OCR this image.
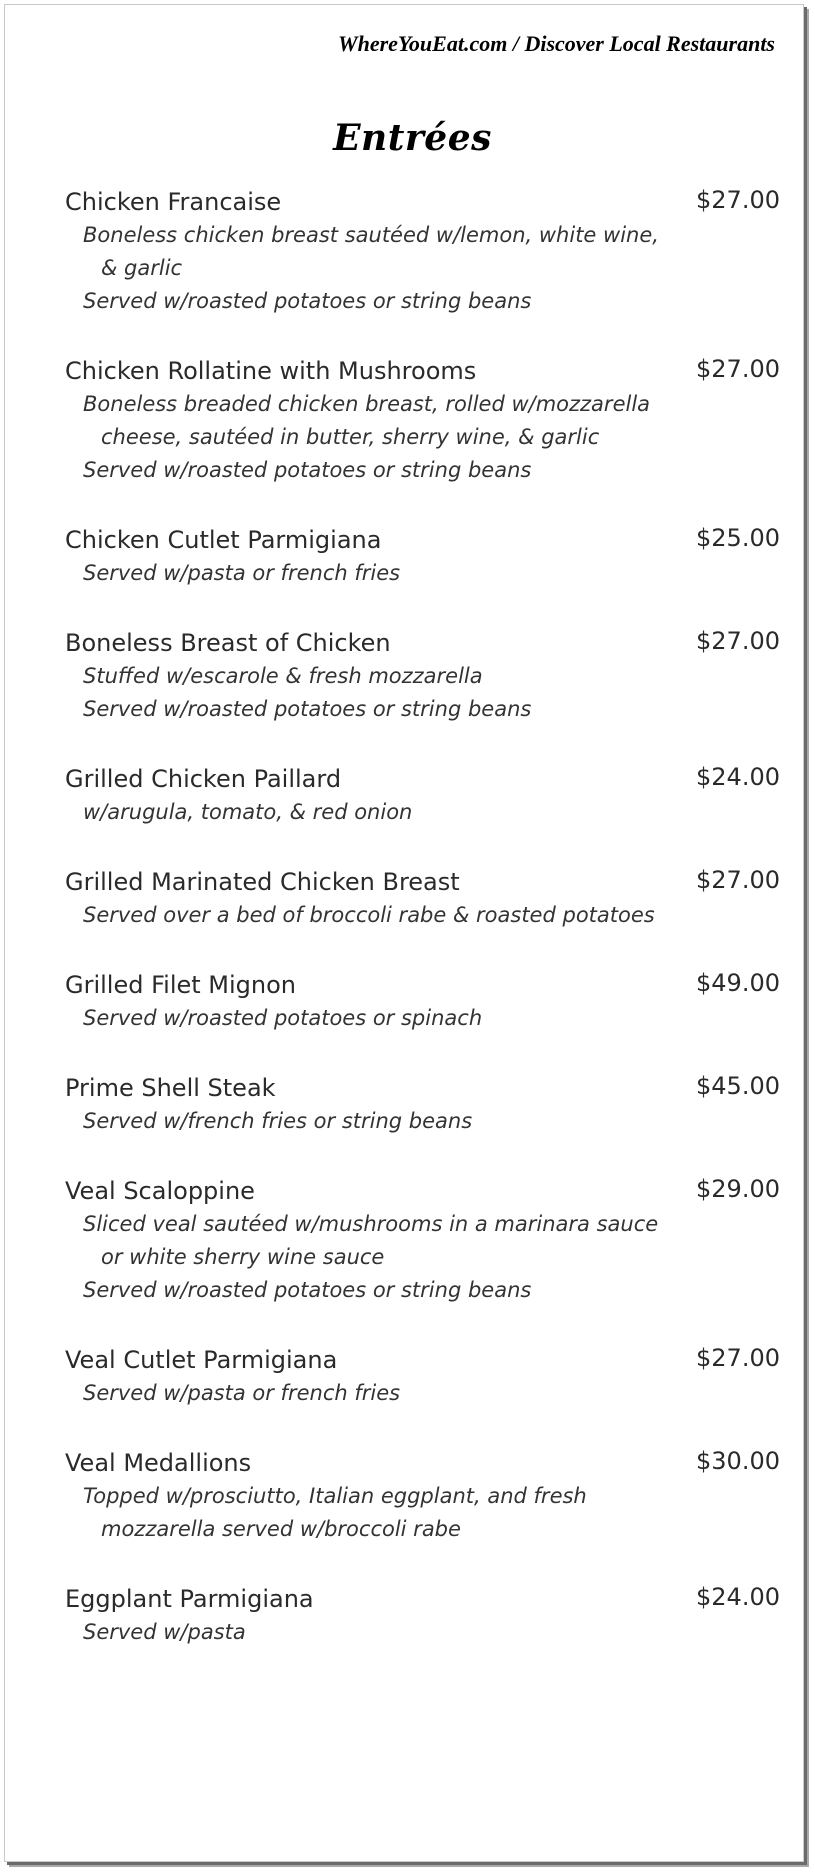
WhereYouEat.com / Discover Local Restaurants
Entrées
Chicken Francaise	$27.00
Boneless chicken breast sautéed w/lemon, white wine,
& garlic
Served w/roasted potatoes or string beans
Chicken Rollatine with Mushrooms	$27.00
Boneless breaded chicken breast, rolled w/mozzarella
cheese, sautéed in butter, sherry wine, & garlic
Served w/roasted potatoes or string beans
Chicken Cutlet Parmigiana	$25.00
Served w/pasta or french fries
Boneless Breast of Chicken	$27.00
Stuffed w/escarole & fresh mozzarella
Served w/roasted potatoes or string beans
Grilled Chicken Paillard	$24.00
w/arugula, tomato, & red onion
Grilled Marinated Chicken Breast	$27.00
Served over a bed of broccoli rabe & roasted potatoes
Grilled Filet Mignon	$49.00
Served w/roasted potatoes or spinach
Prime Shell Steak	$45.00
Served w/french fries or string beans
Veal Scaloppine	$29.00
Sliced veal sautéed w/mushrooms in a marinara sauce
or white sherry wine sauce
Served w/roasted potatoes or string beans
Veal Cutlet Parmigiana	$27.00
Served w/pasta or french fries
Veal Medallions	$30.00
Topped w/prosciutto, Italian eggplant, and fresh
mozzarella served w/broccoli rabe
Eggplant Parmigiana	$24.00
Served w/pasta
